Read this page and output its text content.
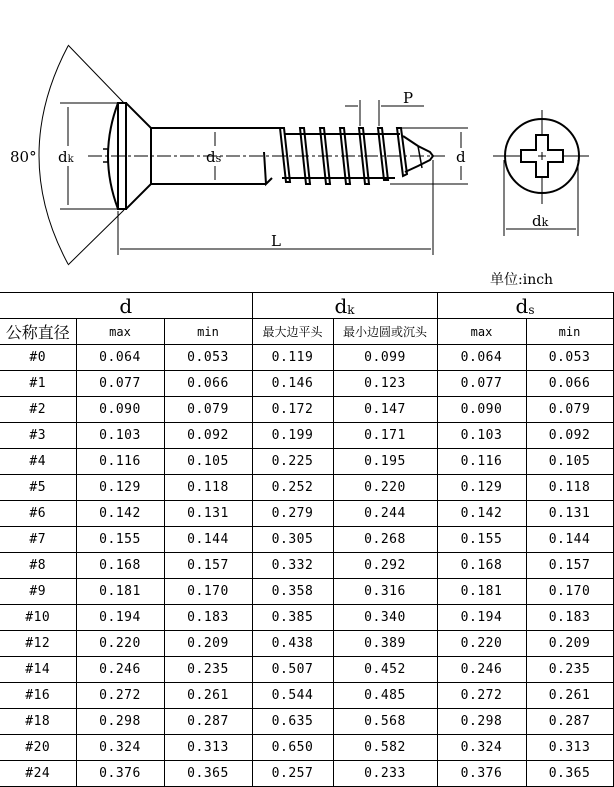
80° dk	ds
L
P
d
dk
单位:inch
d			$d_k$		$d_s$
公称直径	max	min	最大边平头	最小边圆或沉头	max	min
#0	0.064	0.053	0.119	0.099	0.064	0.053
#1	0.077	0.066	0.146	0.123	0.077	0.066
#2	0.090	0.079	0.172	0.147	0.090	0.079
#3	0.103	0.092	0.199	0.171	0.103	0.092
#4	0.116	0.105	0.225	0.195	0.116	0.105
#5	0.129	0.118	0.252	0.220	0.129	0.118
#6	0.142	0.131	0.279	0.244	0.142	0.131
#7	0.155	0.144	0.305	0.268	0.155	0.144
#8	0.168	0.157	0.332	0.292	0.168	0.157
#9	0.181	0.170	0.358	0.316	0.181	0.170
#10	0.194	0.183	0.385	0.340	0.194	0.183
#12	0.220	0.209	0.438	0.389	0.220	0.209
#14	0.246	0.235	0.507	0.452	0.246	0.235
#16	0.272	0.261	0.544	0.485	0.272	0.261
#18	0.298	0.287	0.635	0.568	0.298	0.287
#20	0.324	0.313	0.650	0.582	0.324	0.313
#24	0.376	0.365	0.257	0.233	0.376	0.365
